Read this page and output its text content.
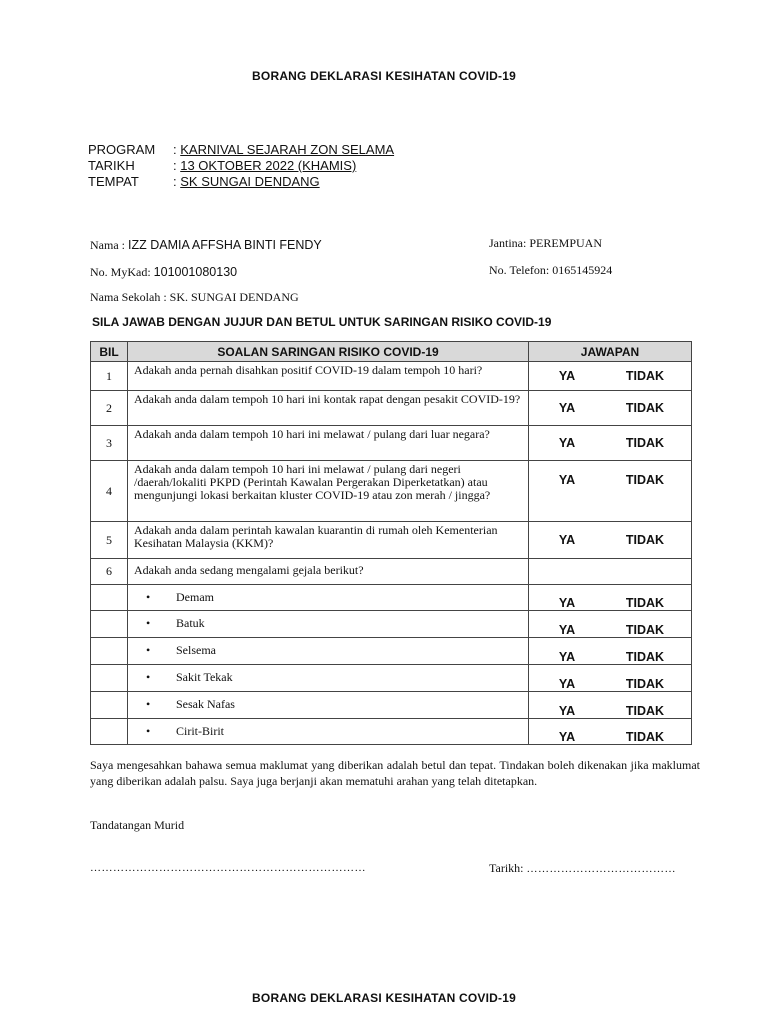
BORANG DEKLARASI KESIHATAN COVID-19
PROGRAM : KARNIVAL SEJARAH ZON SELAMA
TARIKH	: 13 OKTOBER 2022 (KHAMIS)
TEMPAT	: SK SUNGAI DENDANG
Nama : IZZ DAMIA AFFSHA BINTI FENDY	Jantina: PEREMPUAN
No. MyKad: 101001080130	No. Telefon: 0165145924
Nama Sekolah : SK. SUNGAI DENDANG
SILA JAWAB DENGAN JUJUR DAN BETUL UNTUK SARINGAN RISIKO COVID-19
BIL	SOALAN SARINGAN RISIKO COVID-19	JAWAPAN
1	Adakah anda pernah disahkan positif COVID-19 dalam tempoh 10 hari?	YA TIDAK
2	Adakah anda dalam tempoh 10 hari ini kontak rapat dengan pesakit COVID-19?	YA TIDAK
3	Adakah anda dalam tempoh 10 hari ini melawat / pulang dari luar negara?	YA TIDAK
4	Adakah anda dalam tempoh 10 hari ini melawat / pulang dari negeri /daerah/lokaliti PKPD (Perintah Kawalan Pergerakan Diperketatkan) atau mengunjungi lokasi berkaitan kluster COVID-19 atau zon merah / jingga?	YA TIDAK
5	Adakah anda dalam perintah kawalan kuarantin di rumah oleh Kementerian Kesihatan Malaysia (KKM)?	YA TIDAK
6	Adakah anda sedang mengalami gejala berikut?	
	• Demam	YA TIDAK
	• Batuk	YA TIDAK
	• Selsema	YA TIDAK
	• Sakit Tekak	YA TIDAK
	• Sesak Nafas	YA TIDAK
	• Cirit-Birit	YA TIDAK
Saya mengesahkan bahawa semua maklumat yang diberikan adalah betul dan tepat. Tindakan boleh dikenakan jika maklumat yang diberikan adalah palsu. Saya juga berjanji akan mematuhi arahan yang telah ditetapkan.
Tandatangan Murid
………………………………………………………………	Tarikh: …………………………………
BORANG DEKLARASI KESIHATAN COVID-19
